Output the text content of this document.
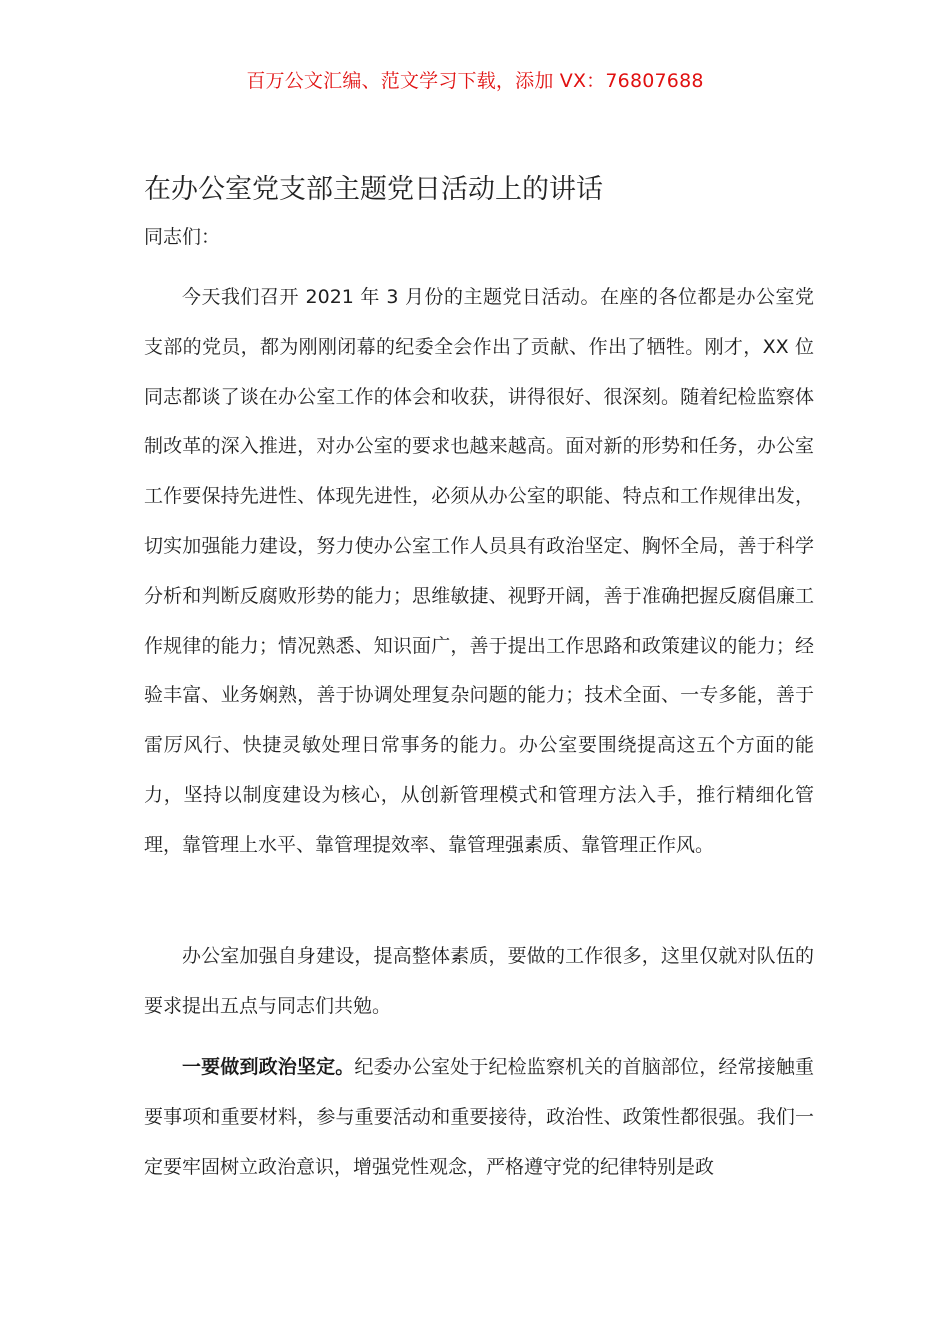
百万公文汇编、范文学习下载，添加 VX：76807688
在办公室党支部主题党日活动上的讲话
同志们：

今天我们召开 2021 年 3 月份的主题党日活动。在座的各位都是办公室党支部的党员，都为刚刚闭幕的纪委全会作出了贡献、作出了牺牲。刚才，XX 位同志都谈了谈在办公室工作的体会和收获，讲得很好、很深刻。随着纪检监察体制改革的深入推进，对办公室的要求也越来越高。面对新的形势和任务，办公室工作要保持先进性、体现先进性，必须从办公室的职能、特点和工作规律出发，切实加强能力建设，努力使办公室工作人员具有政治坚定、胸怀全局，善于科学分析和判断反腐败形势的能力；思维敏捷、视野开阔，善于准确把握反腐倡廉工作规律的能力；情况熟悉、知识面广，善于提出工作思路和政策建议的能力；经验丰富、业务娴熟，善于协调处理复杂问题的能力；技术全面、一专多能，善于雷厉风行、快捷灵敏处理日常事务的能力。办公室要围绕提高这五个方面的能力，坚持以制度建设为核心，从创新管理模式和管理方法入手，推行精细化管理，靠管理上水平、靠管理提效率、靠管理强素质、靠管理正作风。

办公室加强自身建设，提高整体素质，要做的工作很多，这里仅就对队伍的要求提出五点与同志们共勉。

一要做到政治坚定。纪委办公室处于纪检监察机关的首脑部位，经常接触重要事项和重要材料，参与重要活动和重要接待，政治性、政策性都很强。我们一定要牢固树立政治意识，增强党性观念，严格遵守党的纪律特别是政
